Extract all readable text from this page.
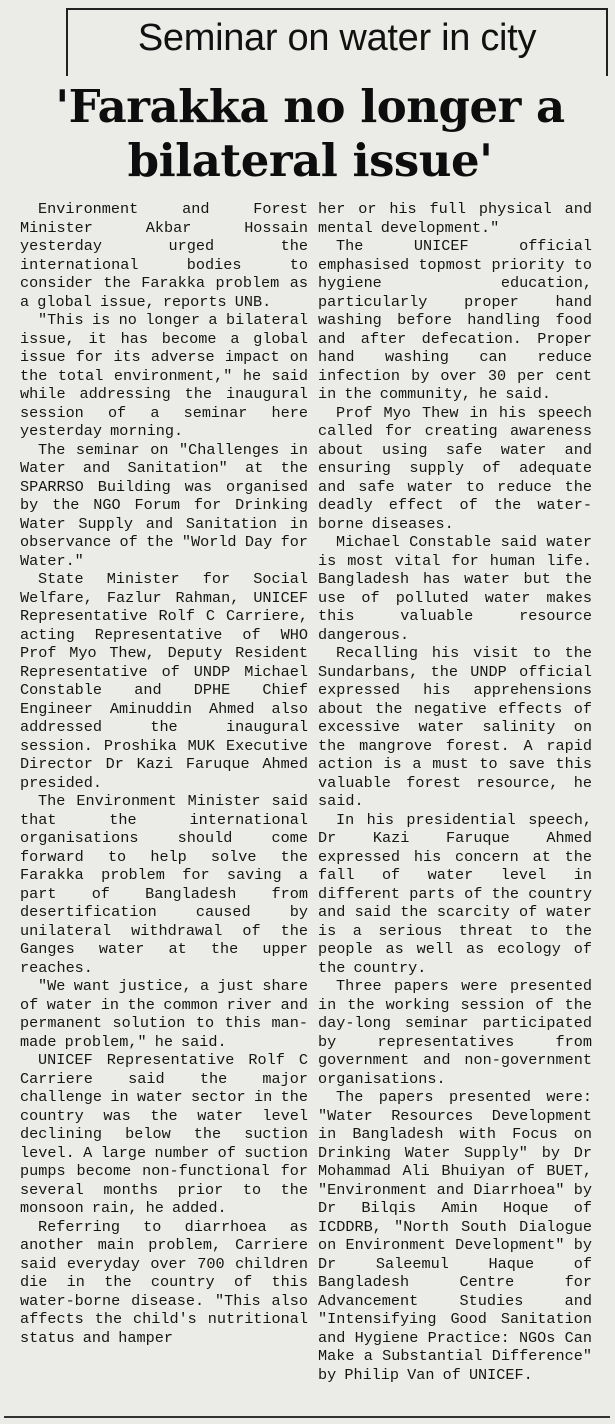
Seminar on water in city
'Farakka no longer a bilateral issue'

Environment and Forest Minister Akbar Hossain yesterday urged the international bodies to consider the Farakka problem as a global issue, reports UNB.

"This is no longer a bilateral issue, it has become a global issue for its adverse impact on the total environment," he said while addressing the inaugural session of a seminar here yesterday morning.

The seminar on "Challenges in Water and Sanitation" at the SPARRSO Building was organised by the NGO Forum for Drinking Water Supply and Sanitation in observance of the "World Day for Water."

State Minister for Social Welfare, Fazlur Rahman, UNICEF Representative Rolf C Carriere, acting Representative of WHO Prof Myo Thew, Deputy Resident Representative of UNDP Michael Constable and DPHE Chief Engineer Aminuddin Ahmed also addressed the inaugural session. Proshika MUK Executive Director Dr Kazi Faruque Ahmed presided.

The Environment Minister said that the international organisations should come forward to help solve the Farakka problem for saving a part of Bangladesh from desertification caused by unilateral withdrawal of the Ganges water at the upper reaches.

"We want justice, a just share of water in the common river and permanent solution to this man-made problem," he said.

UNICEF Representative Rolf C Carriere said the major challenge in water sector in the country was the water level declining below the suction level. A large number of suction pumps become non-functional for several months prior to the monsoon rain, he added.

Referring to diarrhoea as another main problem, Carriere said everyday over 700 children die in the country of this water-borne disease. "This also affects the child's nutritional status and hamper

her or his full physical and mental development."

The UNICEF official emphasised topmost priority to hygiene education, particularly proper hand washing before handling food and after defecation. Proper hand washing can reduce infection by over 30 per cent in the community, he said.

Prof Myo Thew in his speech called for creating awareness about using safe water and ensuring supply of adequate and safe water to reduce the deadly effect of the water-borne diseases.

Michael Constable said water is most vital for human life. Bangladesh has water but the use of polluted water makes this valuable resource dangerous.

Recalling his visit to the Sundarbans, the UNDP official expressed his apprehensions about the negative effects of excessive water salinity on the mangrove forest. A rapid action is a must to save this valuable forest resource, he said.

In his presidential speech, Dr Kazi Faruque Ahmed expressed his concern at the fall of water level in different parts of the country and said the scarcity of water is a serious threat to the people as well as ecology of the country.

Three papers were presented in the working session of the day-long seminar participated by representatives from government and non-government organisations.

The papers presented were: "Water Resources Development in Bangladesh with Focus on Drinking Water Supply" by Dr Mohammad Ali Bhuiyan of BUET, "Environment and Diarrhoea" by Dr Bilqis Amin Hoque of ICDDRB, "North South Dialogue on Environment Development" by Dr Saleemul Haque of Bangladesh Centre for Advancement Studies and "Intensifying Good Sanitation and Hygiene Practice: NGOs Can Make a Substantial Difference" by Philip Van of UNICEF.
